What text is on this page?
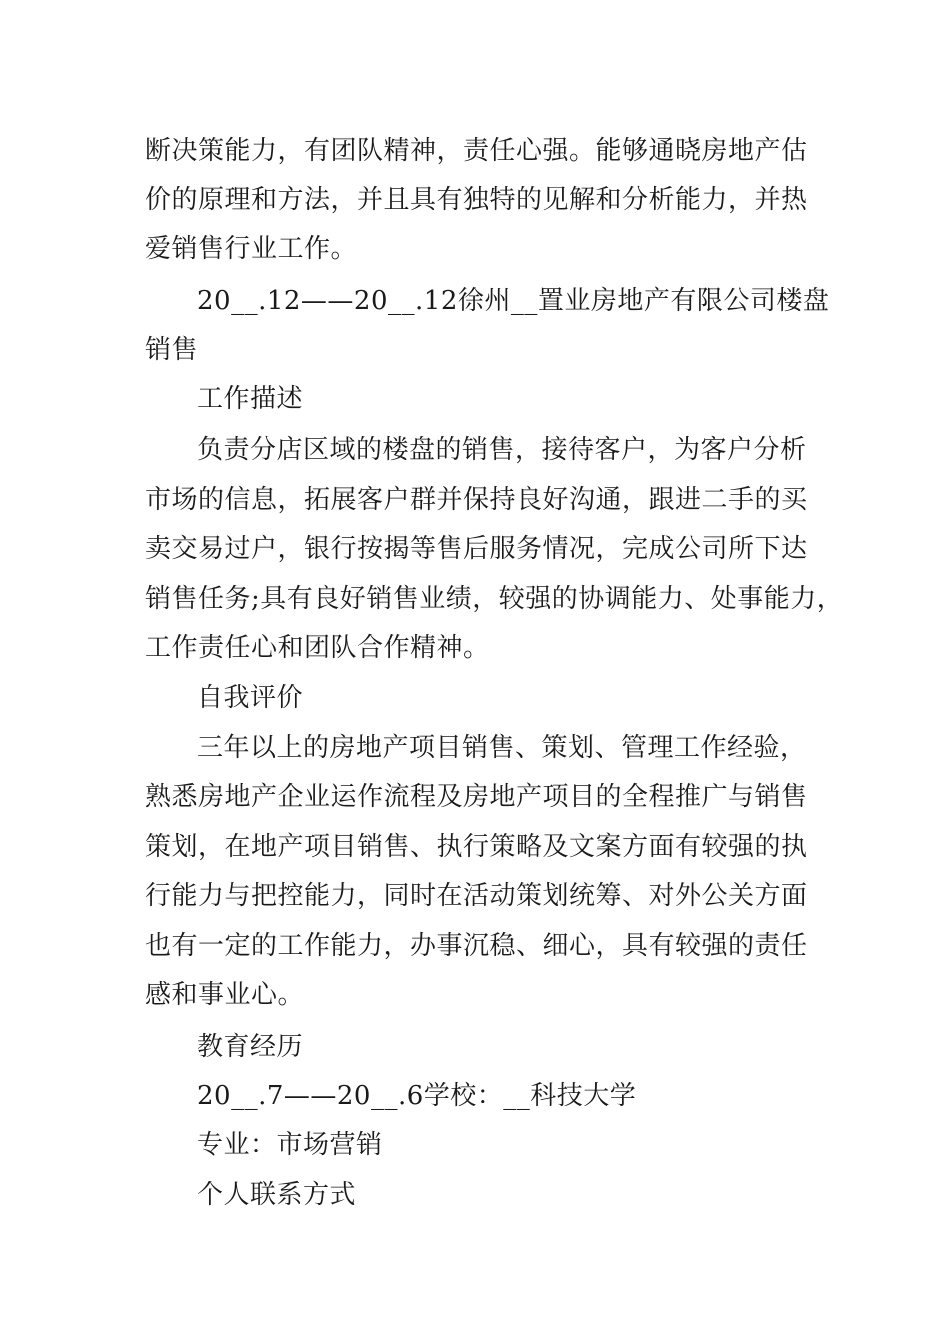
断决策能力，有团队精神，责任心强。能够通晓房地产估
价的原理和方法，并且具有独特的见解和分析能力，并热
爱销售行业工作。
20__.12——20__.12徐州__置业房地产有限公司楼盘
销售
工作描述
负责分店区域的楼盘的销售，接待客户，为客户分析
市场的信息，拓展客户群并保持良好沟通，跟进二手的买
卖交易过户，银行按揭等售后服务情况，完成公司所下达
销售任务;具有良好销售业绩，较强的协调能力、处事能力，
工作责任心和团队合作精神。
自我评价
三年以上的房地产项目销售、策划、管理工作经验，
熟悉房地产企业运作流程及房地产项目的全程推广与销售
策划，在地产项目销售、执行策略及文案方面有较强的执
行能力与把控能力，同时在活动策划统筹、对外公关方面
也有一定的工作能力，办事沉稳、细心，具有较强的责任
感和事业心。
教育经历
20__.7——20__.6学校：__科技大学
专业：市场营销
个人联系方式
